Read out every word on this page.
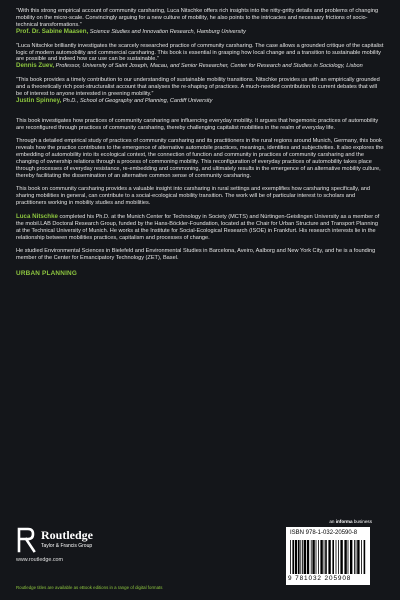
“With this strong empirical account of community carsharing, Luca Nitschke offers rich insights into the nitty-gritty details and problems of changing mobility on the micro-scale. Convincingly arguing for a new culture of mobility, he also points to the intricacies and necessary frictions of socio-technical transformations.”

Prof. Dr. Sabine Maasen, Science Studies and Innovation Research, Hamburg University

“Luca Nitschke brilliantly investigates the scarcely researched practice of community carsharing. The case allows a grounded critique of the capitalist logic of modern automobility and commercial carsharing. This book is essential in grasping how local change and a transition to sustainable mobility are possible and indeed how car use can be sustainable.”

Dennis Zuev, Professor, University of Saint Joseph, Macau, and Senior Researcher, Center for Research and Studies in Sociology, Lisbon

“This book provides a timely contribution to our understanding of sustainable mobility transitions. Nitschke provides us with an empirically grounded and a theoretically rich post-structuralist account that analyses the re-shaping of practices. A much-needed contribution to current debates that will be of interest to anyone interested in greening mobility.”

Justin Spinney, Ph.D., School of Geography and Planning, Cardiff University

This book investigates how practices of community carsharing are influencing everyday mobility. It argues that hegemonic practices of automobility are reconfigured through practices of community carsharing, thereby challenging capitalist mobilities in the realm of everyday life.

Through a detailed empirical study of practices of community carsharing and its practitioners in the rural regions around Munich, Germany, this book reveals how the practice contributes to the emergence of alternative automobile practices, meanings, identities and subjectivities. It also explores the embedding of automobility into its ecological context, the connection of function and community in practices of community carsharing and the changing of ownership relations through a process of commoning mobility. This reconfiguration of everyday practices of automobility takes place through processes of everyday resistance, re-embedding and commoning, and ultimately results in the emergence of an alternative mobility culture, thereby facilitating the dissemination of an alternative common sense of community carsharing.

This book on community carsharing provides a valuable insight into carsharing in rural settings and exemplifies how carsharing specifically, and sharing mobilities in general, can contribute to a social-ecological mobility transition. The work will be of particular interest to scholars and practitioners working in mobility studies and mobilities.

Luca Nitschke completed his Ph.D. at the Munich Center for Technology in Society (MCTS) and Nürtingen-Geislingen University as a member of the mobil.LAB Doctoral Research Group, funded by the Hans-Böckler-Foundation, located at the Chair for Urban Structure and Transport Planning at the Technical University of Munich. He works at the Institute for Social-Ecological Research (ISOE) in Frankfurt. His research interests lie in the relationship between mobilities practices, capitalism and processes of change.

He studied Environmental Sciences in Bielefeld and Environmental Studies in Barcelona, Aveiro, Aalborg and New York City, and he is a founding member of the Center for Emancipatory Technology (ZET), Basel.

URBAN PLANNING

Routledge
Taylor & Francis Group
www.routledge.com
Routledge titles are available as eBook editions in a range of digital formats
an informa business
ISBN 978-1-032-20590-8
9 781032 205908
